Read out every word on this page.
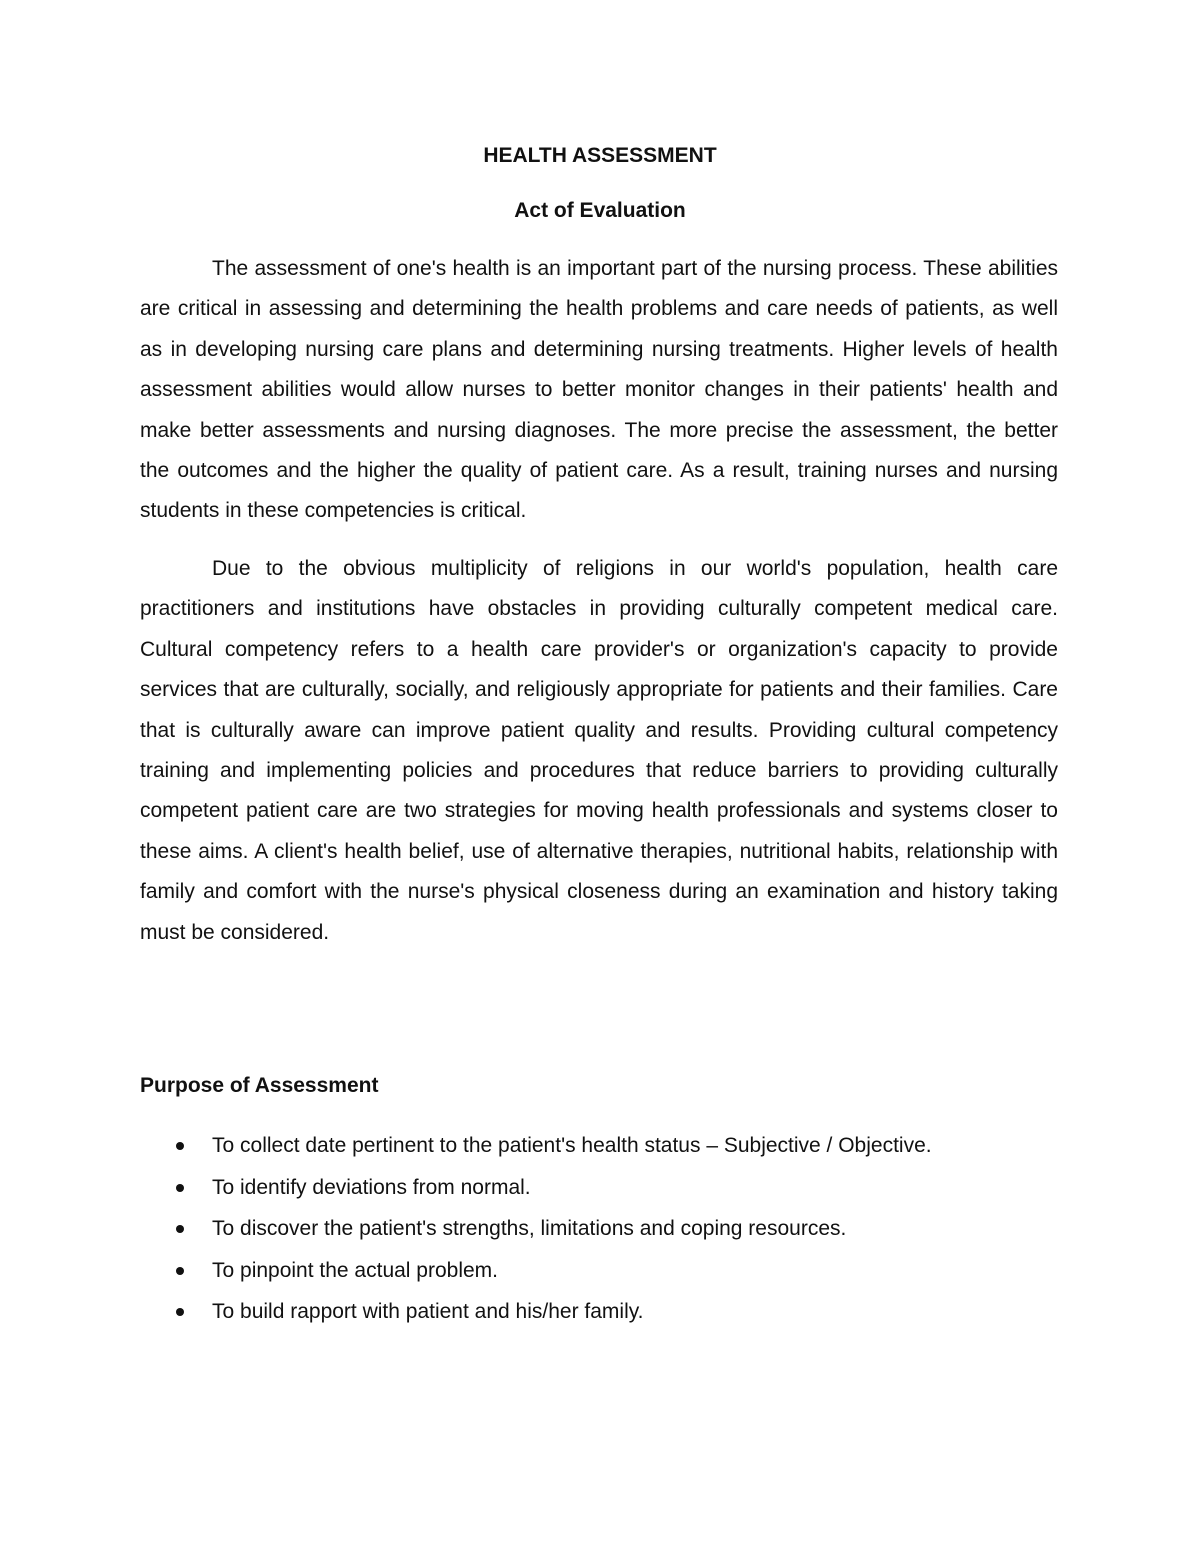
HEALTH ASSESSMENT
Act of Evaluation

The assessment of one's health is an important part of the nursing process. These abilities are critical in assessing and determining the health problems and care needs of patients, as well as in developing nursing care plans and determining nursing treatments. Higher levels of health assessment abilities would allow nurses to better monitor changes in their patients' health and make better assessments and nursing diagnoses. The more precise the assessment, the better the outcomes and the higher the quality of patient care. As a result, training nurses and nursing students in these competencies is critical.

Due to the obvious multiplicity of religions in our world's population, health care practitioners and institutions have obstacles in providing culturally competent medical care. Cultural competency refers to a health care provider's or organization's capacity to provide services that are culturally, socially, and religiously appropriate for patients and their families. Care that is culturally aware can improve patient quality and results. Providing cultural competency training and implementing policies and procedures that reduce barriers to providing culturally competent patient care are two strategies for moving health professionals and systems closer to these aims. A client's health belief, use of alternative therapies, nutritional habits, relationship with family and comfort with the nurse's physical closeness during an examination and history taking must be considered.

Purpose of Assessment
To collect date pertinent to the patient's health status – Subjective / Objective.
To identify deviations from normal.
To discover the patient's strengths, limitations and coping resources.
To pinpoint the actual problem.
To build rapport with patient and his/her family.
